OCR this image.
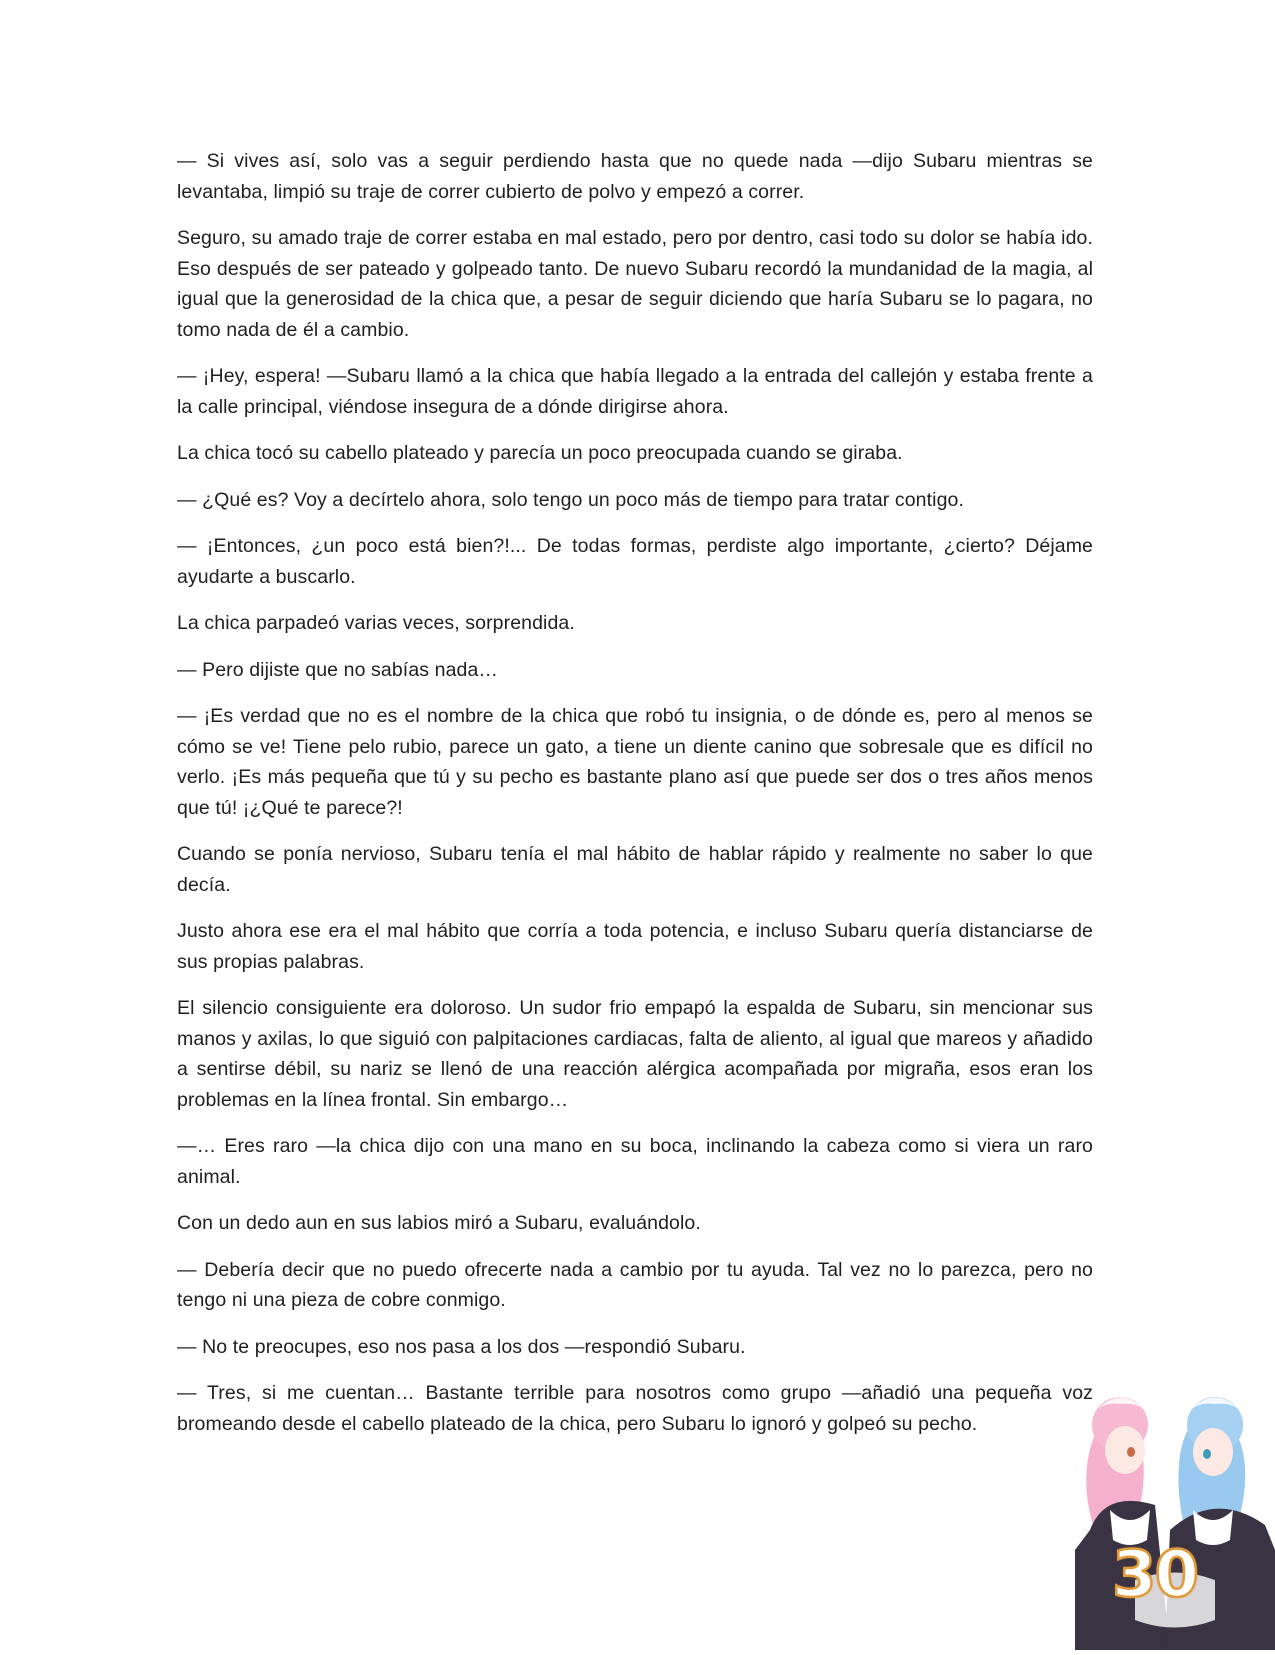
— Si vives así, solo vas a seguir perdiendo hasta que no quede nada —dijo Subaru mientras se levantaba, limpió su traje de correr cubierto de polvo y empezó a correr.

Seguro, su amado traje de correr estaba en mal estado, pero por dentro, casi todo su dolor se había ido. Eso después de ser pateado y golpeado tanto. De nuevo Subaru recordó la mundanidad de la magia, al igual que la generosidad de la chica que, a pesar de seguir diciendo que haría Subaru se lo pagara, no tomo nada de él a cambio.

— ¡Hey, espera! —Subaru llamó a la chica que había llegado a la entrada del callejón y estaba frente a la calle principal, viéndose insegura de a dónde dirigirse ahora.

La chica tocó su cabello plateado y parecía un poco preocupada cuando se giraba.

— ¿Qué es? Voy a decírtelo ahora, solo tengo un poco más de tiempo para tratar contigo.

— ¡Entonces, ¿un poco está bien?!... De todas formas, perdiste algo importante, ¿cierto? Déjame ayudarte a buscarlo.

La chica parpadeó varias veces, sorprendida.

— Pero dijiste que no sabías nada…

— ¡Es verdad que no es el nombre de la chica que robó tu insignia, o de dónde es, pero al menos se cómo se ve! Tiene pelo rubio, parece un gato, a tiene un diente canino que sobresale que es difícil no verlo. ¡Es más pequeña que tú y su pecho es bastante plano así que puede ser dos o tres años menos que tú! ¡¿Qué te parece?!

Cuando se ponía nervioso, Subaru tenía el mal hábito de hablar rápido y realmente no saber lo que decía.

Justo ahora ese era el mal hábito que corría a toda potencia, e incluso Subaru quería distanciarse de sus propias palabras.

El silencio consiguiente era doloroso. Un sudor frio empapó la espalda de Subaru, sin mencionar sus manos y axilas, lo que siguió con palpitaciones cardiacas, falta de aliento, al igual que mareos y añadido a sentirse débil, su nariz se llenó de una reacción alérgica acompañada por migraña, esos eran los problemas en la línea frontal. Sin embargo…

—… Eres raro —la chica dijo con una mano en su boca, inclinando la cabeza como si viera un raro animal.

Con un dedo aun en sus labios miró a Subaru, evaluándolo.

— Debería decir que no puedo ofrecerte nada a cambio por tu ayuda. Tal vez no lo parezca, pero no tengo ni una pieza de cobre conmigo.

— No te preocupes, eso nos pasa a los dos —respondió Subaru.

— Tres, si me cuentan… Bastante terrible para nosotros como grupo —añadió una pequeña voz bromeando desde el cabello plateado de la chica, pero Subaru lo ignoró y golpeó su pecho.

30
